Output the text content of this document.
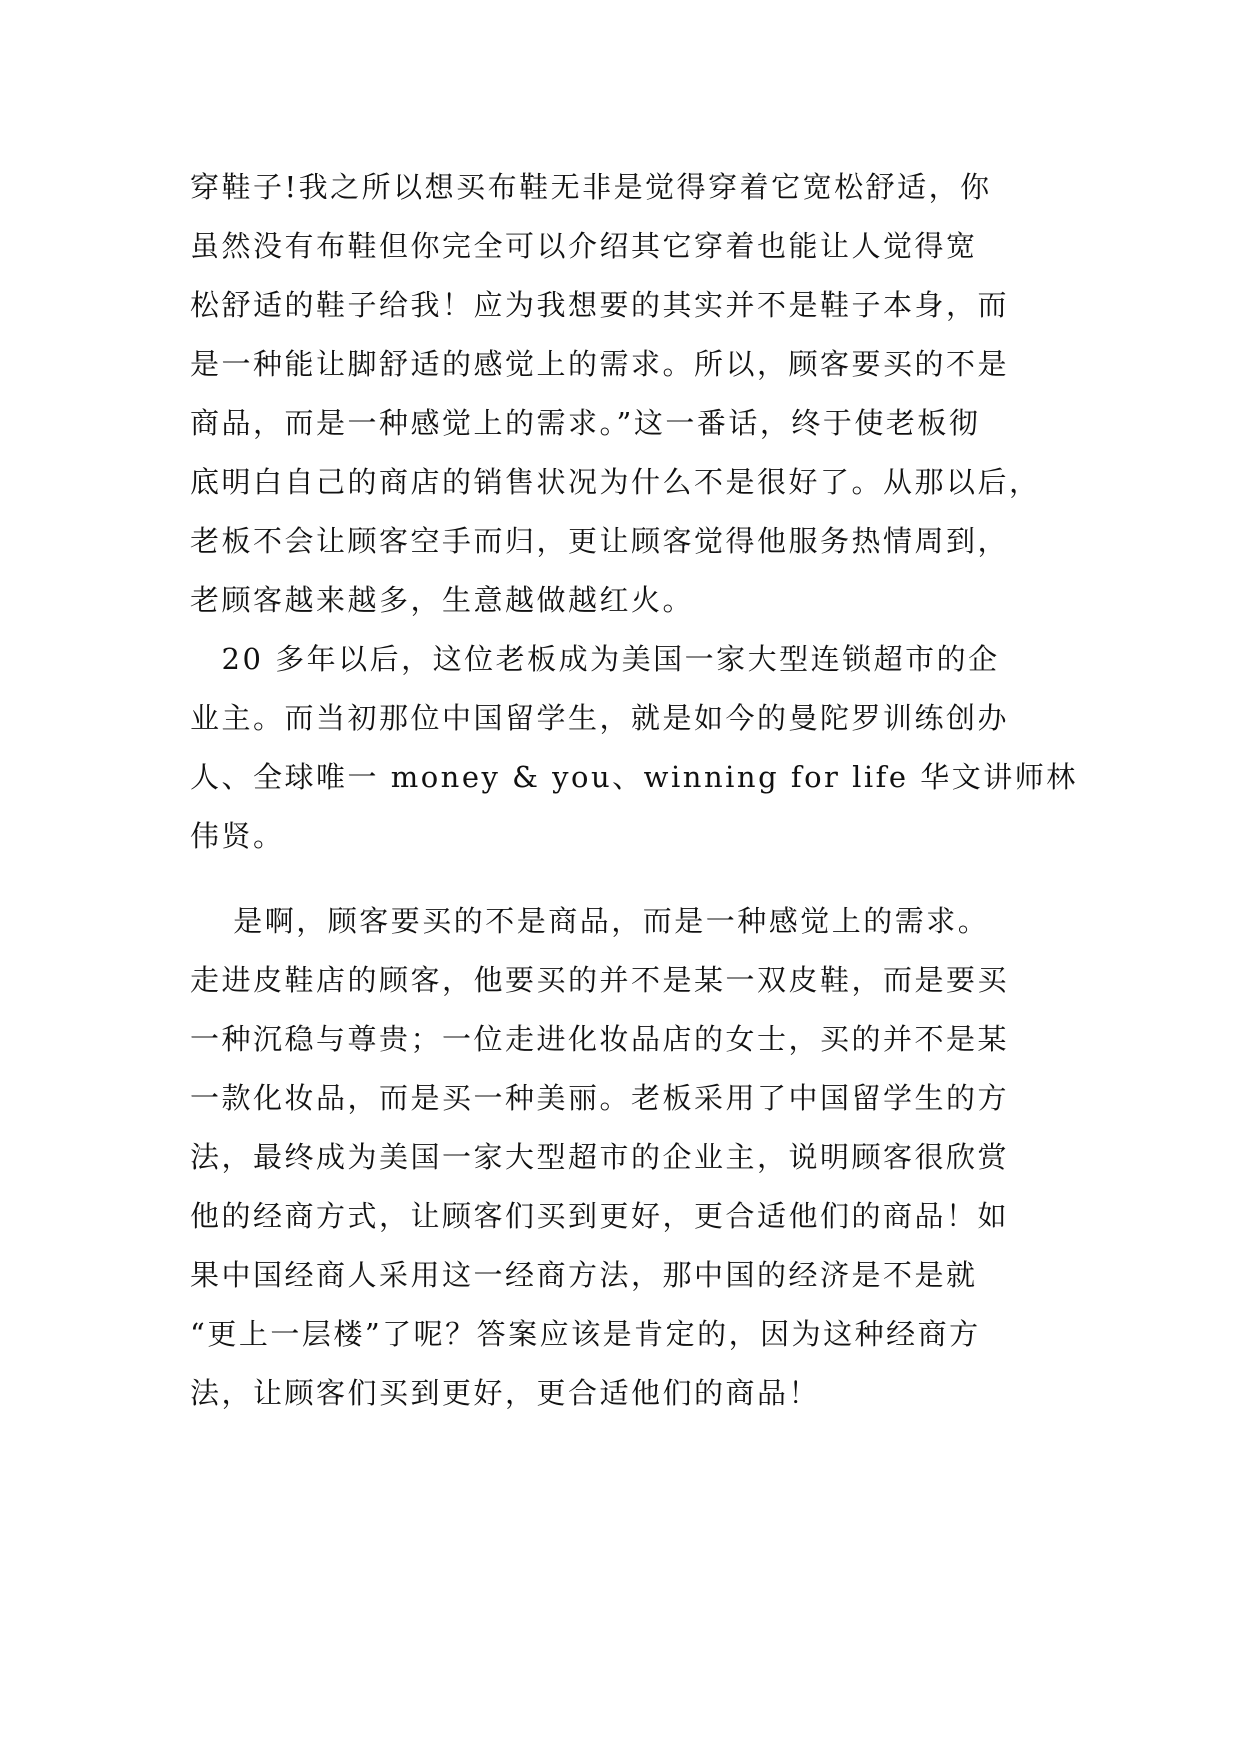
穿鞋子!我之所以想买布鞋无非是觉得穿着它宽松舒适，你
虽然没有布鞋但你完全可以介绍其它穿着也能让人觉得宽
松舒适的鞋子给我！应为我想要的其实并不是鞋子本身，而
是一种能让脚舒适的感觉上的需求。所以，顾客要买的不是
商品，而是一种感觉上的需求。”这一番话，终于使老板彻
底明白自己的商店的销售状况为什么不是很好了。从那以后，
老板不会让顾客空手而归，更让顾客觉得他服务热情周到，
老顾客越来越多，生意越做越红火。
　20 多年以后，这位老板成为美国一家大型连锁超市的企
业主。而当初那位中国留学生，就是如今的曼陀罗训练创办
人、全球唯一 money & you、winning for life 华文讲师林
伟贤。
　 是啊，顾客要买的不是商品，而是一种感觉上的需求。
走进皮鞋店的顾客，他要买的并不是某一双皮鞋，而是要买
一种沉稳与尊贵；一位走进化妆品店的女士，买的并不是某
一款化妆品，而是买一种美丽。老板采用了中国留学生的方
法，最终成为美国一家大型超市的企业主，说明顾客很欣赏
他的经商方式，让顾客们买到更好，更合适他们的商品！如
果中国经商人采用这一经商方法，那中国的经济是不是就
“更上一层楼”了呢？答案应该是肯定的，因为这种经商方
法，让顾客们买到更好，更合适他们的商品！
